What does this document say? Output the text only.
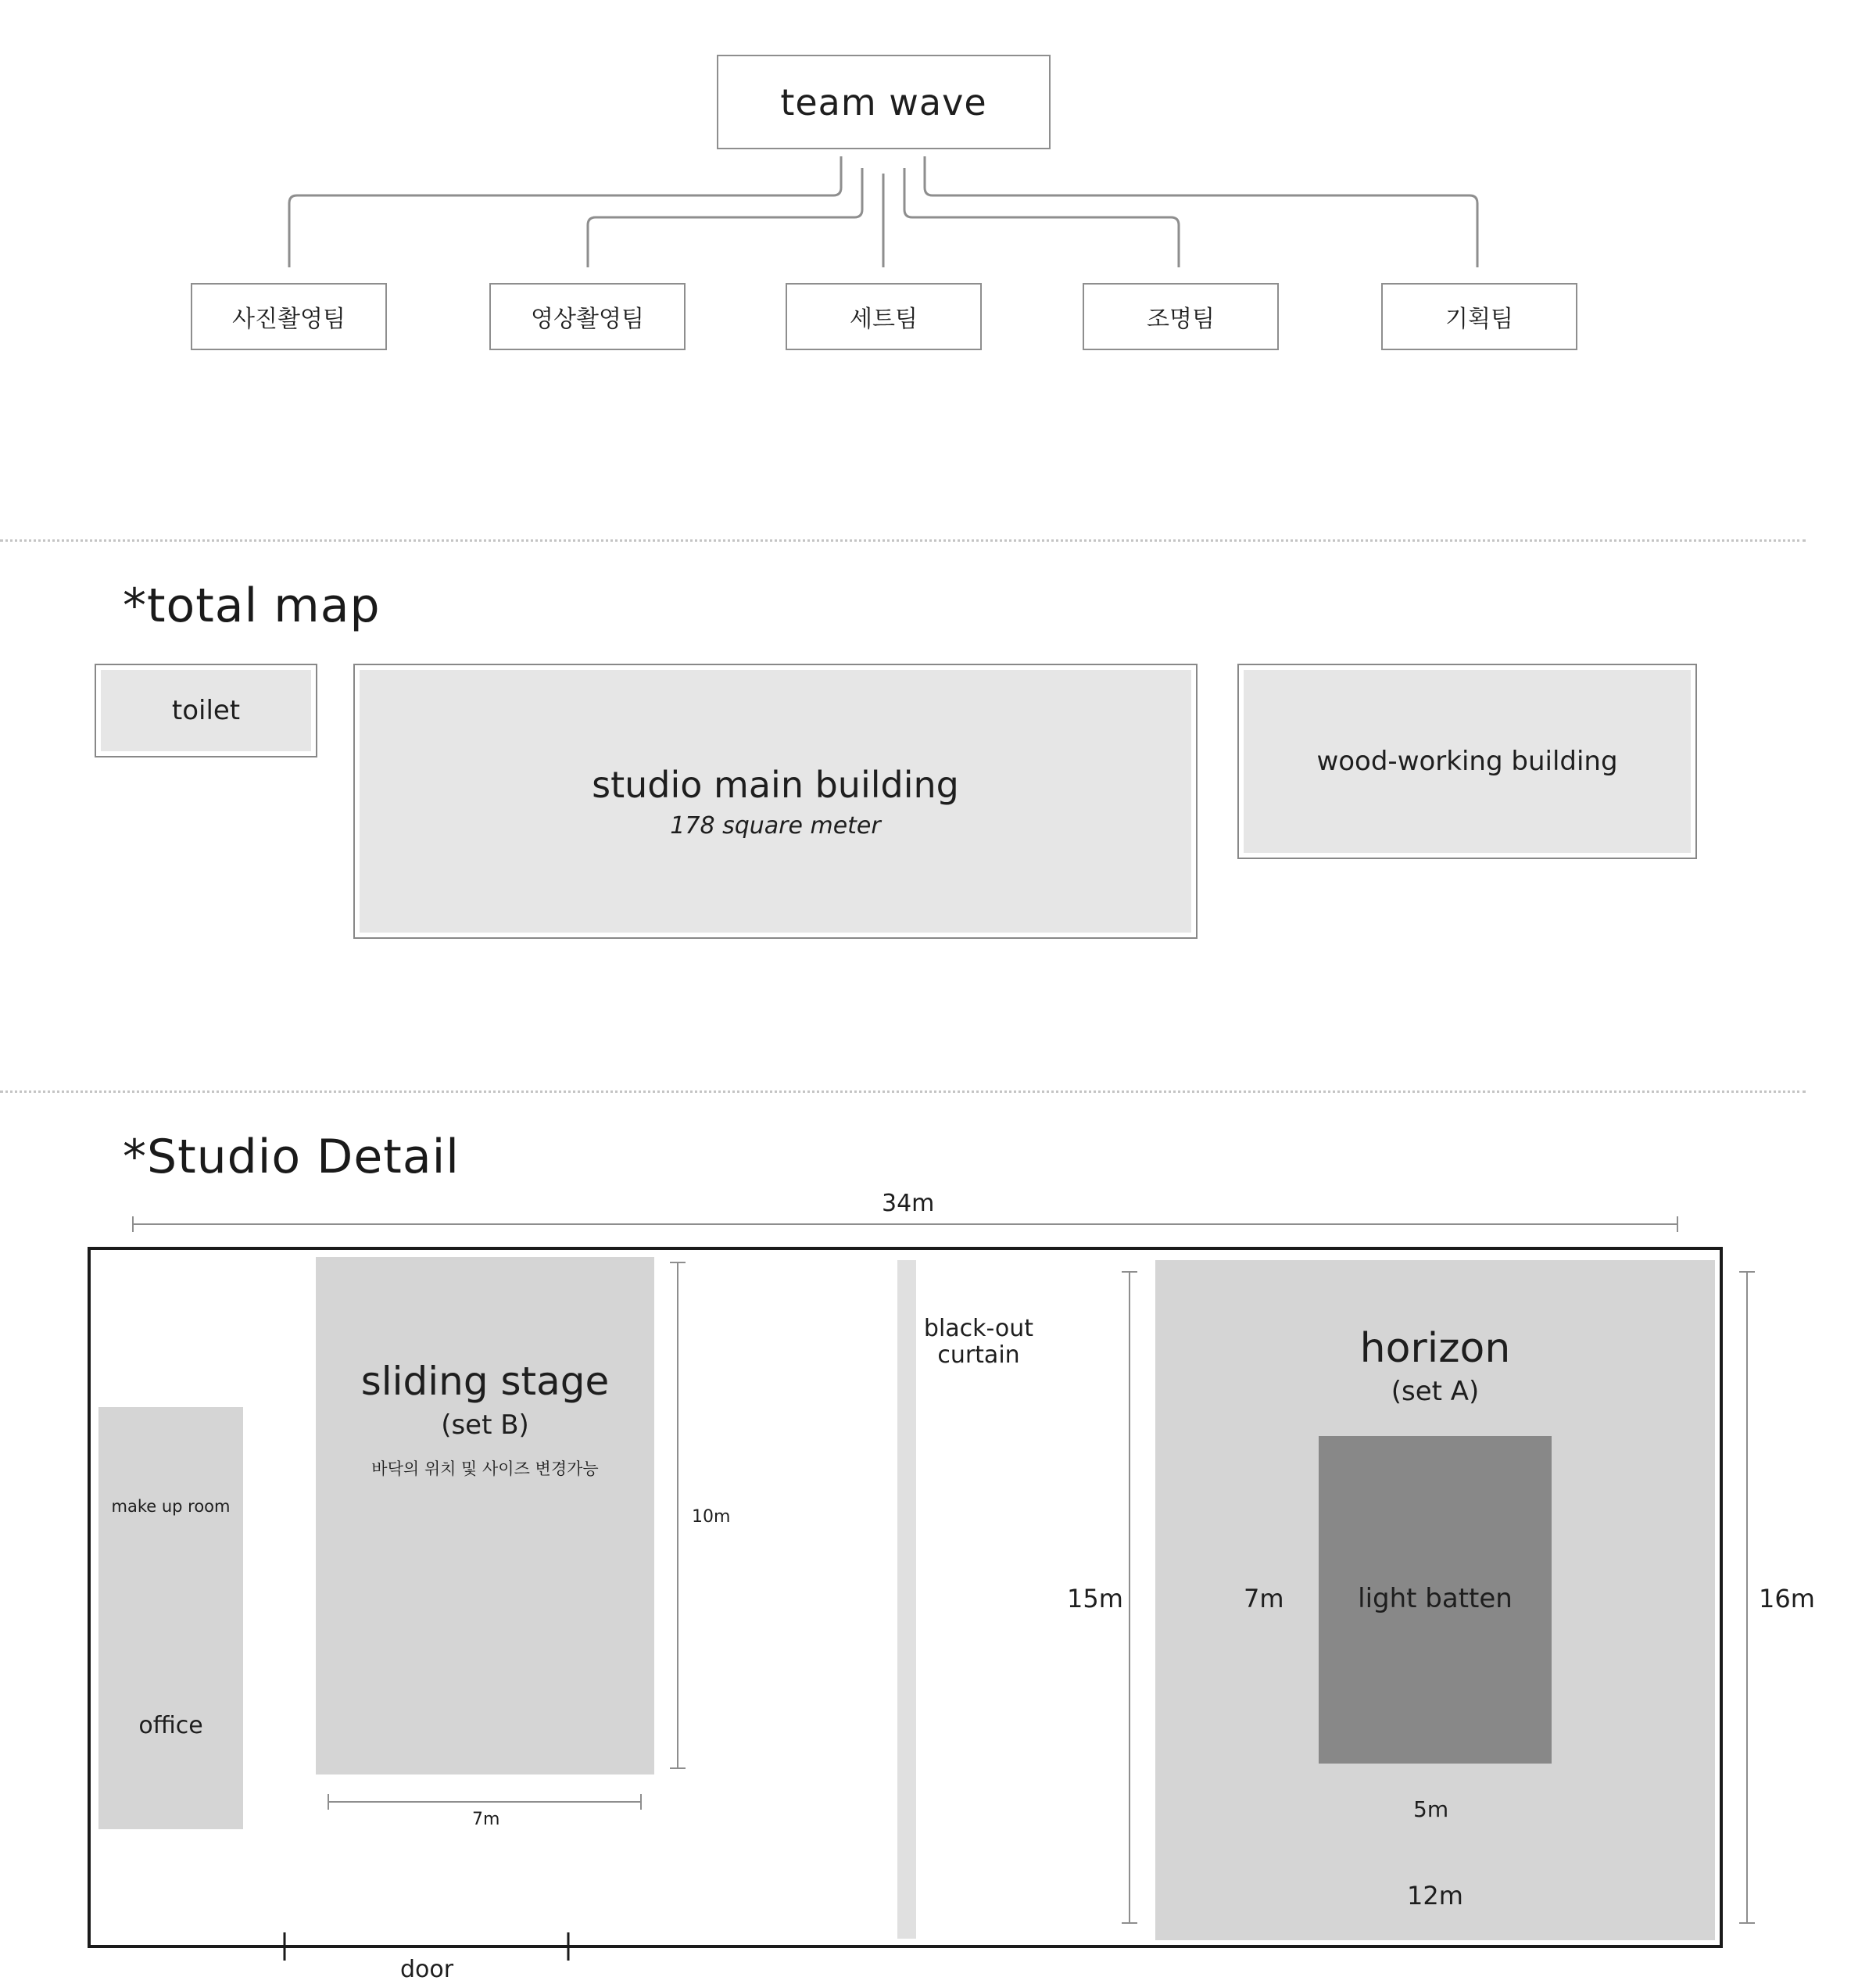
team wave
사진촬영팀	영상촬영팀	세트팀	조명팀	기획팀
*total map
toilet
studio main building
178 square meter
wood-working building
*Studio Detail
34m
make up room
office
sliding stage
(set B)
바닥의 위치 및 사이즈 변경가능
10m
7m
black-out
curtain	horizon
(set A)
15m
12m
light batten
7m
5m
16m
door
